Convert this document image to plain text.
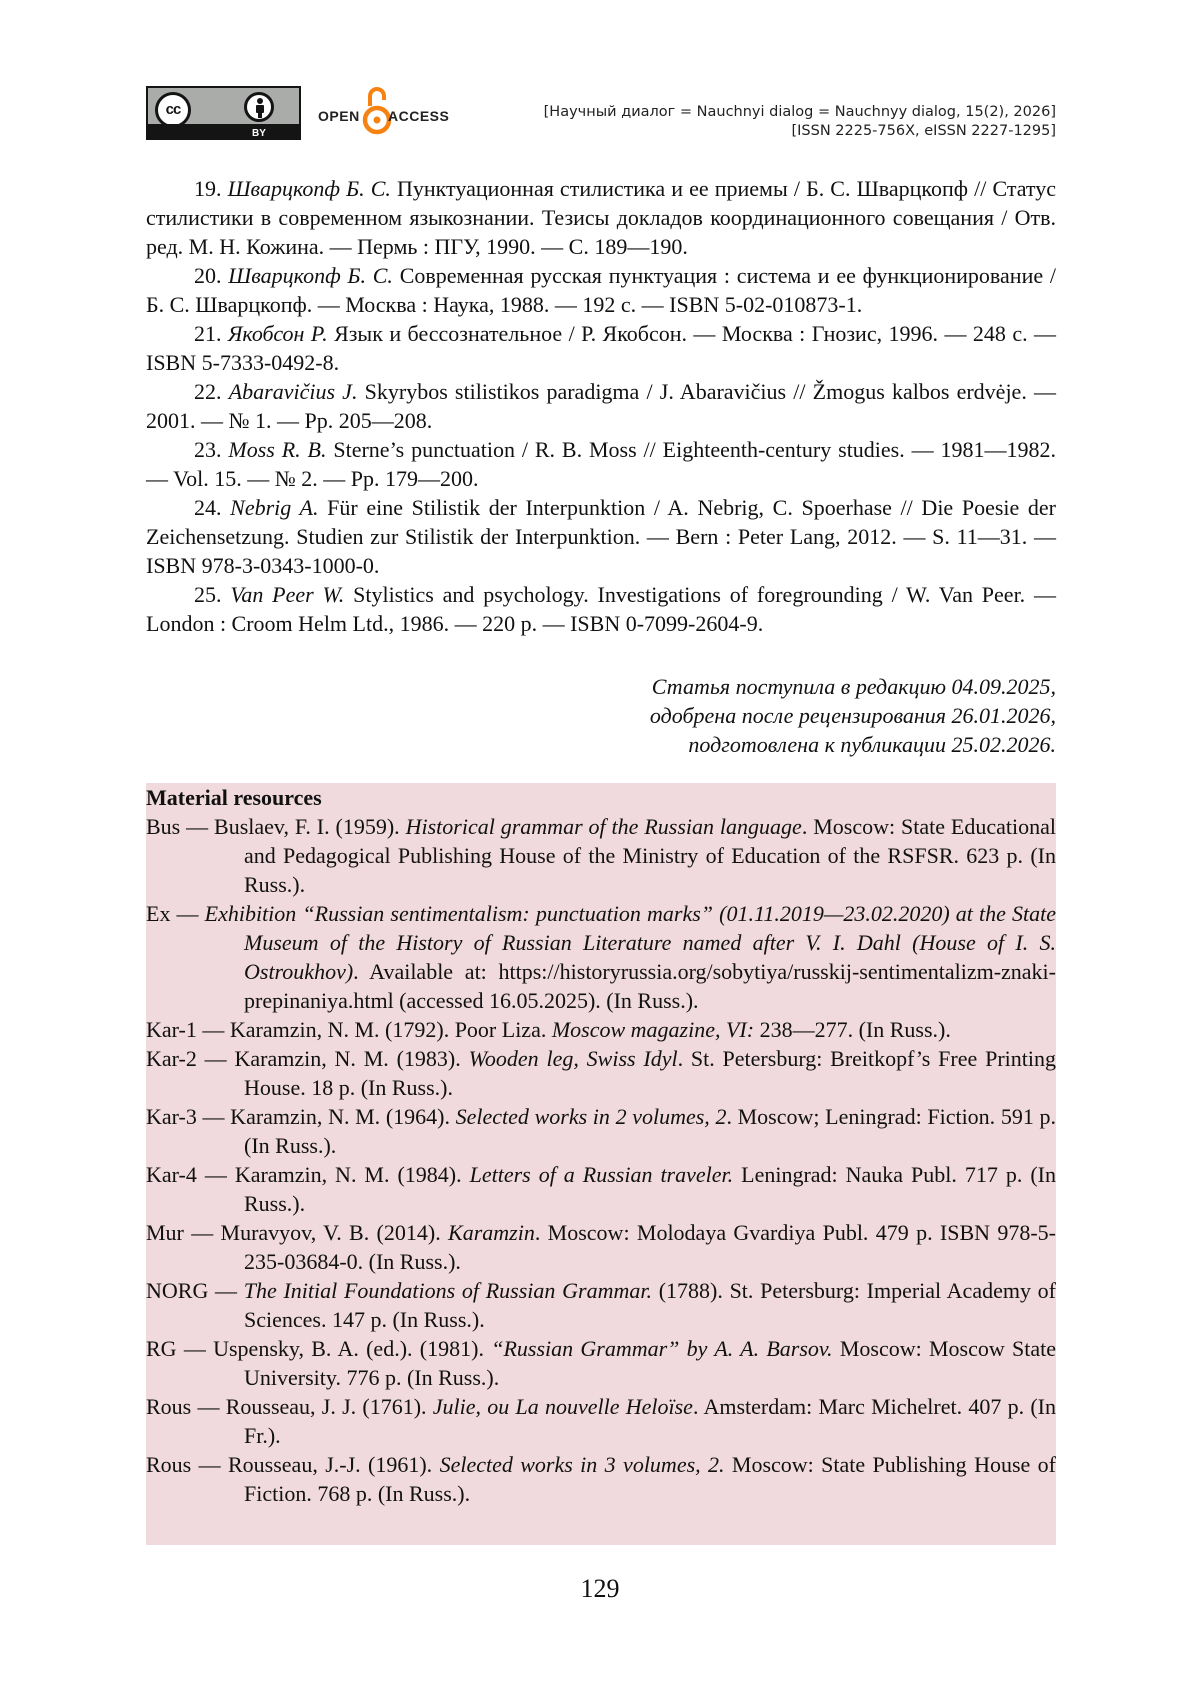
cc
BY
OPEN ACCESS	[Научный диалог = Nauchnyi dialog = Nauchnyy dialog, 15(2), 2026]
[ISSN 2225-756X, eISSN 2227-1295]

19. Шварцкопф Б. С. Пунктуационная стилистика и ее приемы / Б. С. Шварцкопф // Статус стилистики в современном языкознании. Тезисы докладов координационного совещания / Отв. ред. М. Н. Кожина. — Пермь : ПГУ, 1990. — С. 189—190.

20. Шварцкопф Б. С. Современная русская пунктуация : система и ее функционирование / Б. С. Шварцкопф. — Москва : Наука, 1988. — 192 с. — ISBN 5-02-010873-1.

21. Якобсон Р. Язык и бессознательное / Р. Якобсон. — Москва : Гнозис, 1996. — 248 с. — ISBN 5-7333-0492-8.

22. Abaravičius J. Skyrybos stilistikos paradigma / J. Abaravičius // Žmogus kalbos erdvėje. — 2001. — № 1. — Pp. 205—208.

23. Moss R. B. Sterne’s punctuation / R. B. Moss // Eighteenth-century studies. — 1981—1982. — Vol. 15. — № 2. — Pp. 179—200.

24. Nebrig A. Für eine Stilistik der Interpunktion / A. Nebrig, C. Spoerhase // Die Poesie der Zeichensetzung. Studien zur Stilistik der Interpunktion. — Bern : Peter Lang, 2012. — S. 11—31. — ISBN 978-3-0343-1000-0.

25. Van Peer W. Stylistics and psychology. Investigations of foregrounding / W. Van Peer. — London : Croom Helm Ltd., 1986. — 220 p. — ISBN 0-7099-2604-9.

Статья поступила в редакцию 04.09.2025,
одобрена после рецензирования 26.01.2026,
подготовлена к публикации 25.02.2026.
Material resources

Bus — Buslaev, F. I. (1959). Historical grammar of the Russian language. Moscow: State Educational and Pedagogical Publishing House of the Ministry of Education of the RSFSR. 623 p. (In Russ.).

Ex — Exhibition “Russian sentimentalism: punctuation marks” (01.11.2019—23.02.2020) at the State Museum of the History of Russian Literature named after V. I. Dahl (House of I. S. Ostroukhov). Available at: https://historyrussia.org/sobytiya/russkij-sentimentalizm-znaki-prepinaniya.html (accessed 16.05.2025). (In Russ.).

Kar-1 — Karamzin, N. M. (1792). Poor Liza. Moscow magazine, VI: 238—277. (In Russ.).

Kar-2 — Karamzin, N. M. (1983). Wooden leg, Swiss Idyl. St. Petersburg: Breitkopf’s Free Printing House. 18 p. (In Russ.).

Kar-3 — Karamzin, N. M. (1964). Selected works in 2 volumes, 2. Moscow; Leningrad: Fiction. 591 p. (In Russ.).

Kar-4 — Karamzin, N. M. (1984). Letters of a Russian traveler. Leningrad: Nauka Publ. 717 p. (In Russ.).

Mur — Muravyov, V. B. (2014). Karamzin. Moscow: Molodaya Gvardiya Publ. 479 p. ISBN 978-5-235-03684-0. (In Russ.).

NORG — The Initial Foundations of Russian Grammar. (1788). St. Petersburg: Imperial Academy of Sciences. 147 p. (In Russ.).

RG — Uspensky, B. A. (ed.). (1981). “Russian Grammar” by A. A. Barsov. Moscow: Moscow State University. 776 p. (In Russ.).

Rous — Rousseau, J. J. (1761). Julie, ou La nouvelle Heloïse. Amsterdam: Marc Michelret. 407 p. (In Fr.).

Rous — Rousseau, J.-J. (1961). Selected works in 3 volumes, 2. Moscow: State Publishing House of Fiction. 768 p. (In Russ.).

129
